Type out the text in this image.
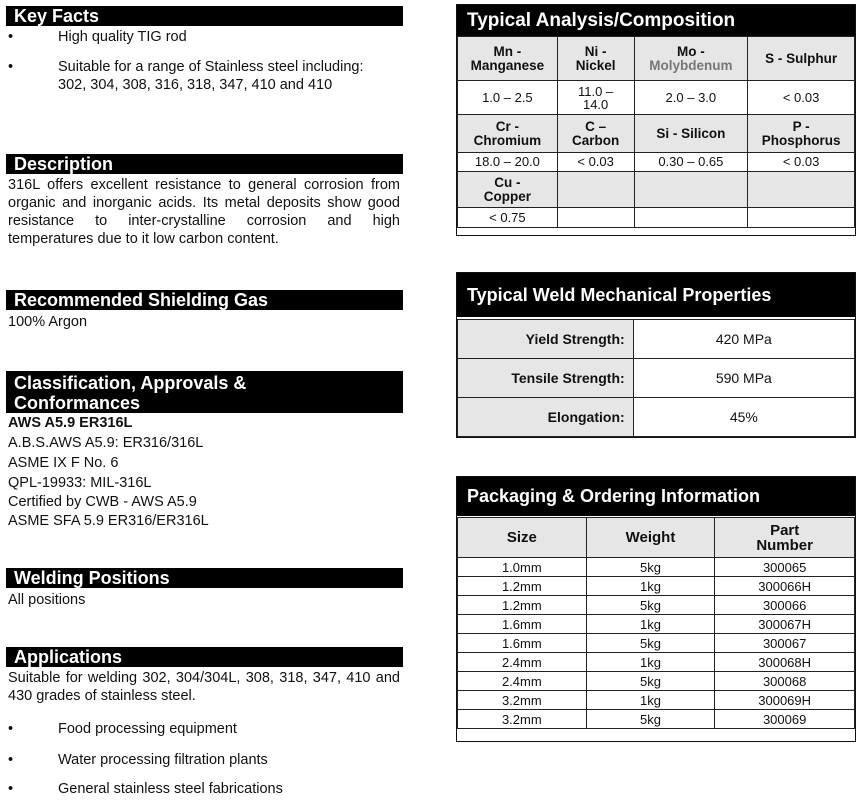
Key Facts
•	High quality TIG rod
•	Suitable for a range of Stainless steel including: 302, 304, 308, 316, 318, 347, 410 and 410
Description
316L offers excellent resistance to general corrosion from organic and inorganic acids. Its metal deposits show good resistance to inter-crystalline corrosion and high temperatures due to it low carbon content.
Recommended Shielding Gas
100% Argon
Classification, Approvals &
Conformances
AWS A5.9 ER316L
A.B.S.AWS A5.9: ER316/316L
ASME IX F No. 6
QPL-19933: MIL-316L
Certified by CWB - AWS A5.9
ASME SFA 5.9 ER316/ER316L
Welding Positions
All positions
Applications
Suitable for welding 302, 304/304L, 308, 318, 347, 410 and 430 grades of stainless steel.
•	Food processing equipment
•	Water processing filtration plants
•	General stainless steel fabrications
Typical Analysis/Composition
Mn -
Manganese	Ni -
Nickel	Mo -
Molybdenum	S - Sulphur
1.0 – 2.5	11.0 – 14.0	2.0 – 3.0	< 0.03
Cr -
Chromium	C –
Carbon	Si - Silicon	P -
Phosphorus
18.0 – 20.0	< 0.03	0.30 – 0.65	< 0.03
Cu -
Copper			
< 0.75			
Typical Weld Mechanical Properties
Yield Strength:	420 MPa
Tensile Strength:	590 MPa
Elongation:	45%
Packaging & Ordering Information
Size	Weight	Part
Number
1.0mm	5kg	300065
1.2mm	1kg	300066H
1.2mm	5kg	300066
1.6mm	1kg	300067H
1.6mm	5kg	300067
2.4mm	1kg	300068H
2.4mm	5kg	300068
3.2mm	1kg	300069H
3.2mm	5kg	300069
